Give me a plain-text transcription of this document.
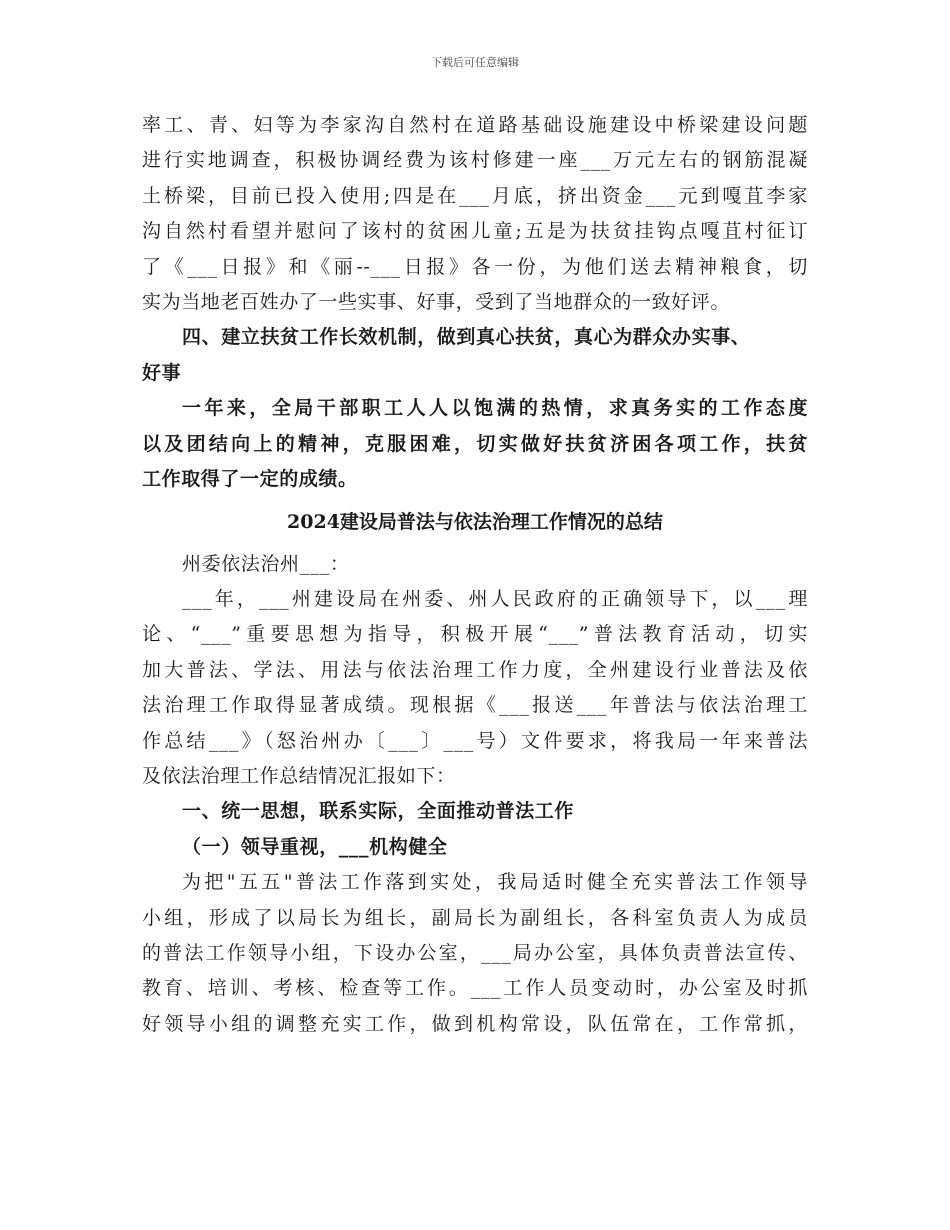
下载后可任意编辑
率工、青、妇等为李家沟自然村在道路基础设施建设中桥梁建设问题
进行实地调查，积极协调经费为该村修建一座___万元左右的钢筋混凝
土桥梁，目前已投入使用;四是在___月底，挤出资金___元到嘎苴李家
沟自然村看望并慰问了该村的贫困儿童;五是为扶贫挂钩点嘎苴村征订
了《___日报》和《丽--___日报》各一份，为他们送去精神粮食，切
实为当地老百姓办了一些实事、好事，受到了当地群众的一致好评。
四、建立扶贫工作长效机制，做到真心扶贫，真心为群众办实事、
好事
一年来，全局干部职工人人以饱满的热情，求真务实的工作态度
以及团结向上的精神，克服困难，切实做好扶贫济困各项工作，扶贫
工作取得了一定的成绩。
2024建设局普法与依法治理工作情况的总结
州委依法治州___：
___年，___州建设局在州委、州人民政府的正确领导下，以___理
论、“___”重要思想为指导，积极开展“___”普法教育活动，切实
加大普法、学法、用法与依法治理工作力度，全州建设行业普法及依
法治理工作取得显著成绩。现根据《___报送___年普法与依法治理工
作总结___》（怒治州办〔___〕___号）文件要求，将我局一年来普法
及依法治理工作总结情况汇报如下：
一、统一思想，联系实际，全面推动普法工作
（一）领导重视，___机构健全
为把"五五"普法工作落到实处，我局适时健全充实普法工作领导
小组，形成了以局长为组长，副局长为副组长，各科室负责人为成员
的普法工作领导小组，下设办公室，___局办公室，具体负责普法宣传、
教育、培训、考核、检查等工作。___工作人员变动时，办公室及时抓
好领导小组的调整充实工作，做到机构常设，队伍常在，工作常抓，
